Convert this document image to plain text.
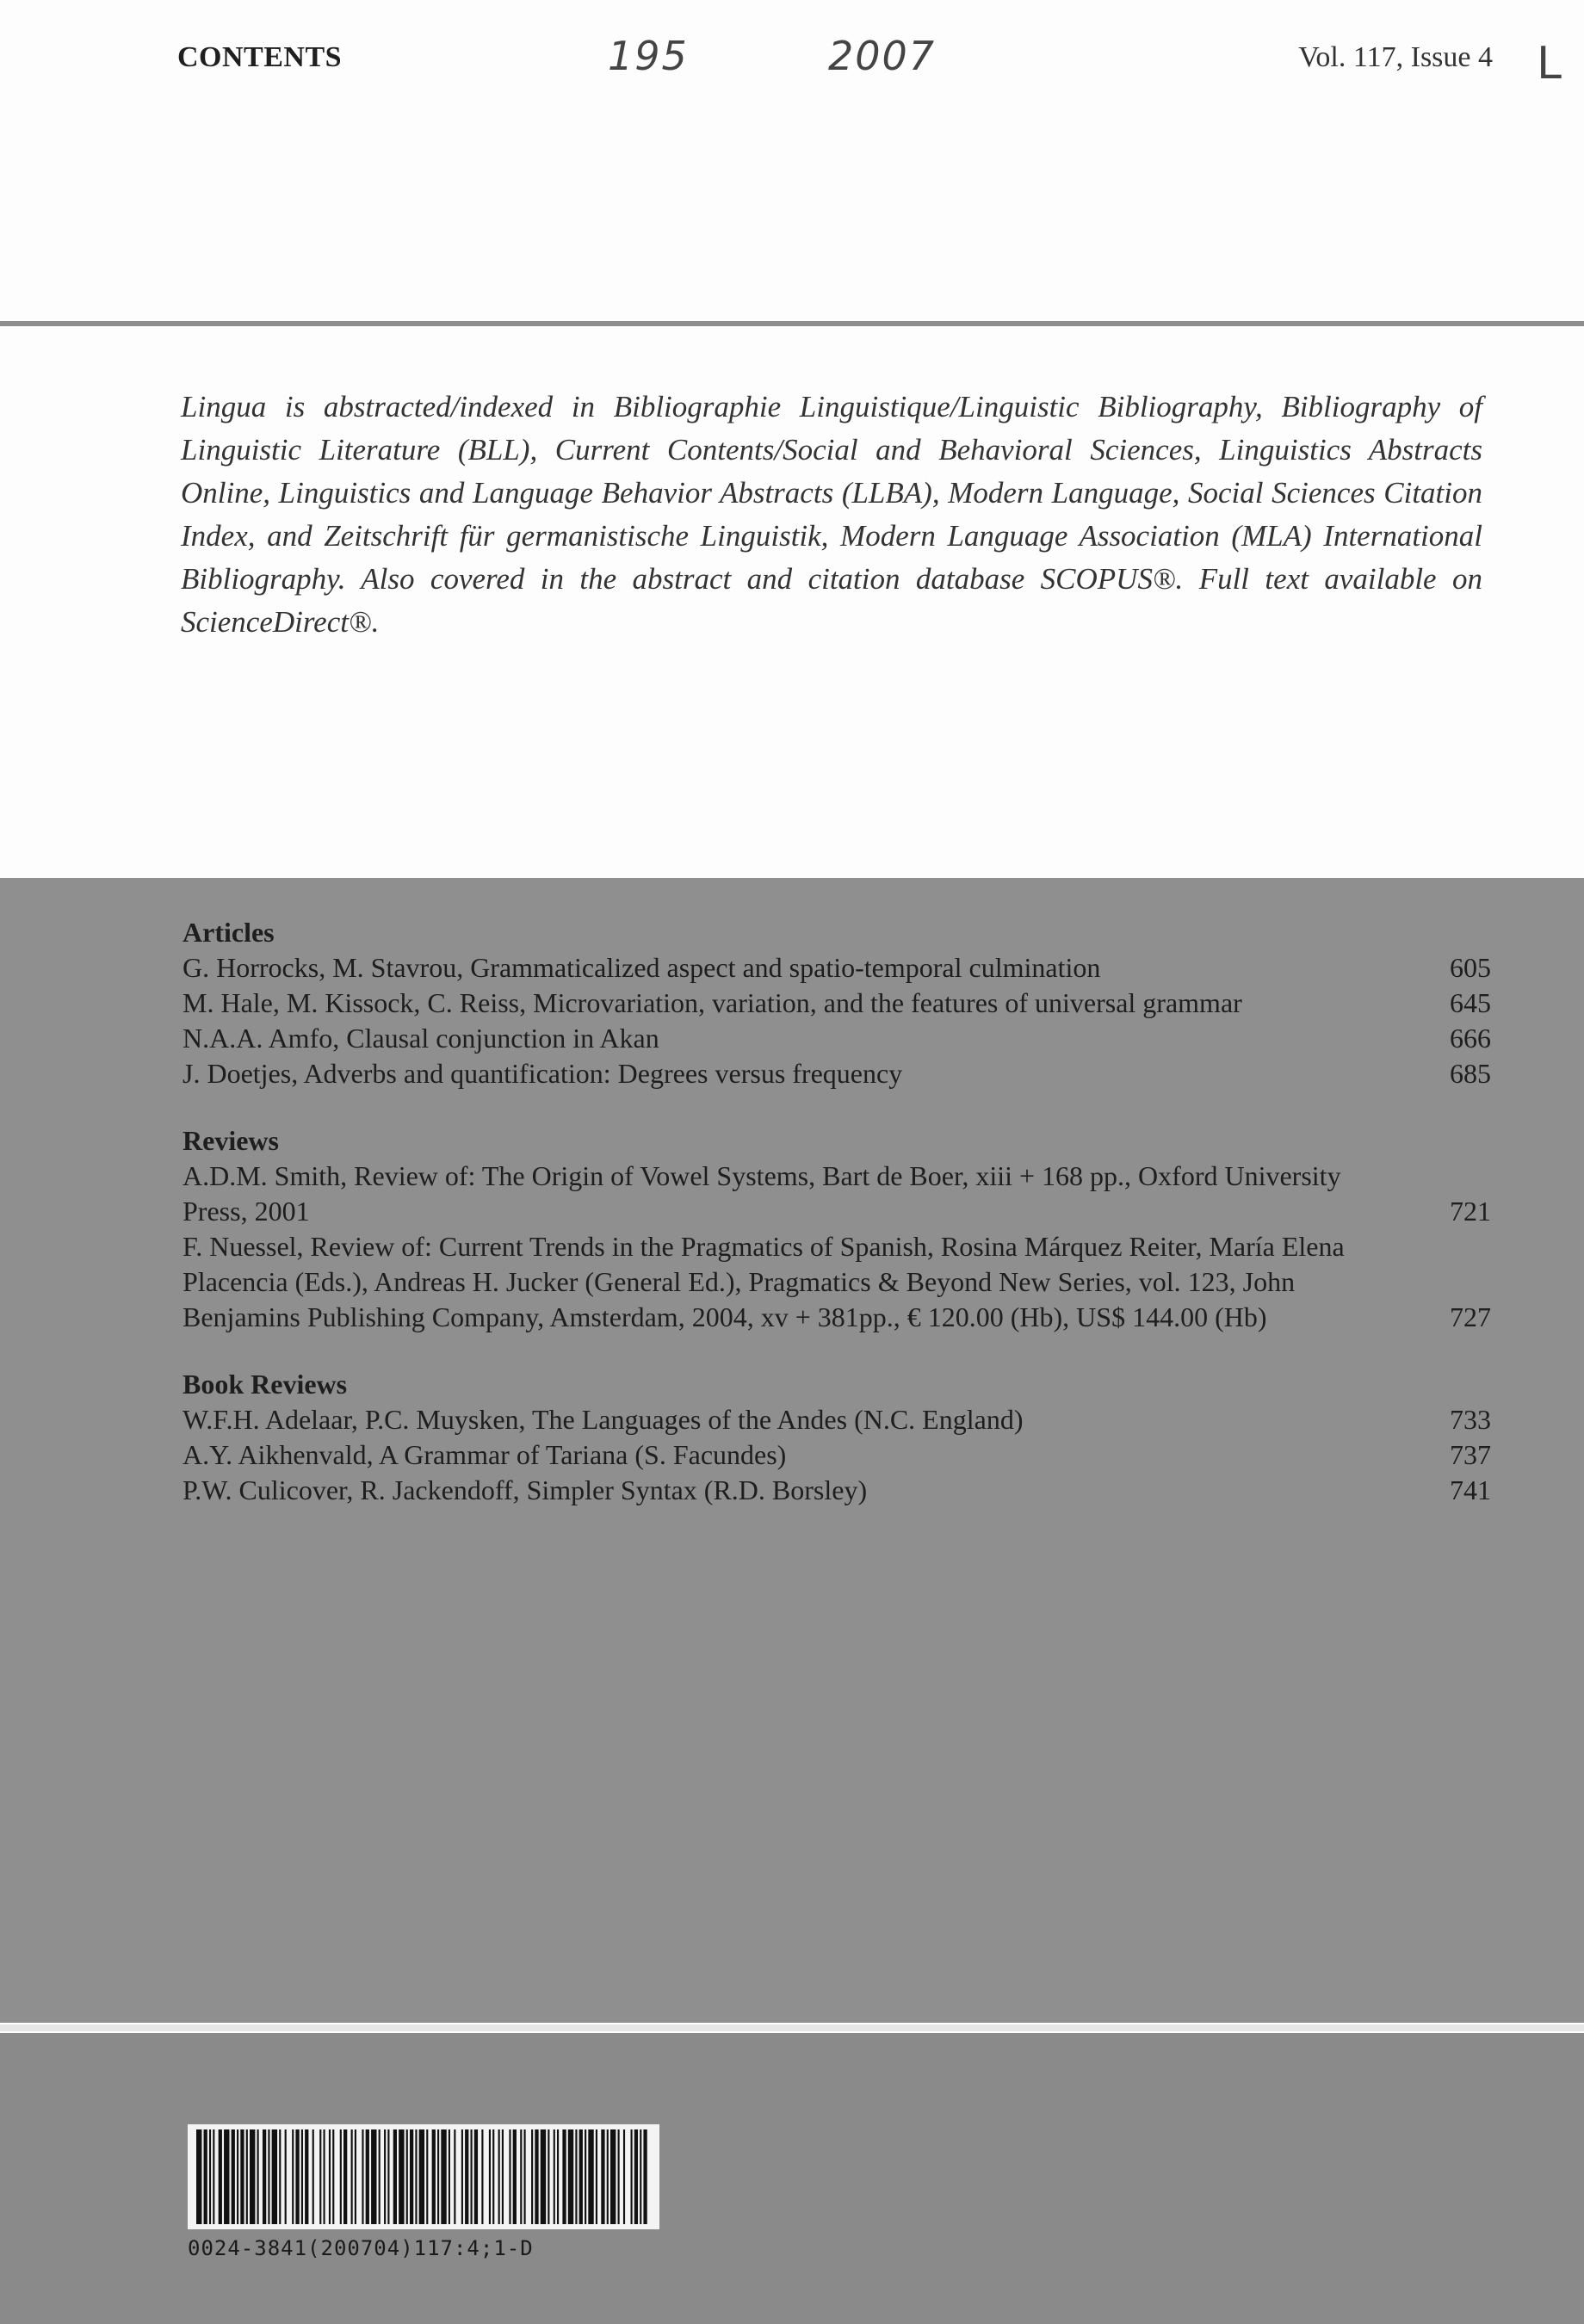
CONTENTS	195	2007	Vol. 117, Issue 4 L
Lingua is abstracted/indexed in Bibliographie Linguistique/Linguistic Bibliography, Bibliography of Linguistic Literature (BLL), Current Contents/Social and Behavioral Sciences, Linguistics Abstracts Online, Linguistics and Language Behavior Abstracts (LLBA), Modern Language, Social Sciences Citation Index, and Zeitschrift für germanistische Linguistik, Modern Language Association (MLA) International Bibliography. Also covered in the abstract and citation database SCOPUS®. Full text available on ScienceDirect®.
Articles
G. Horrocks, M. Stavrou, Grammaticalized aspect and spatio-temporal culmination	605
M. Hale, M. Kissock, C. Reiss, Microvariation, variation, and the features of universal grammar	645
N.A.A. Amfo, Clausal conjunction in Akan	666
J. Doetjes, Adverbs and quantification: Degrees versus frequency	685
Reviews
A.D.M. Smith, Review of: The Origin of Vowel Systems, Bart de Boer, xiii + 168 pp., Oxford University Press, 2001	721
F. Nuessel, Review of: Current Trends in the Pragmatics of Spanish, Rosina Márquez Reiter, María Elena Placencia (Eds.), Andreas H. Jucker (General Ed.), Pragmatics & Beyond New Series, vol. 123, John Benjamins Publishing Company, Amsterdam, 2004, xv + 381pp., € 120.00 (Hb), US$ 144.00 (Hb)	727
Book Reviews
W.F.H. Adelaar, P.C. Muysken, The Languages of the Andes (N.C. England)	733
A.Y. Aikhenvald, A Grammar of Tariana (S. Facundes)	737
P.W. Culicover, R. Jackendoff, Simpler Syntax (R.D. Borsley)	741
0024-3841(200704)117:4;1-D
